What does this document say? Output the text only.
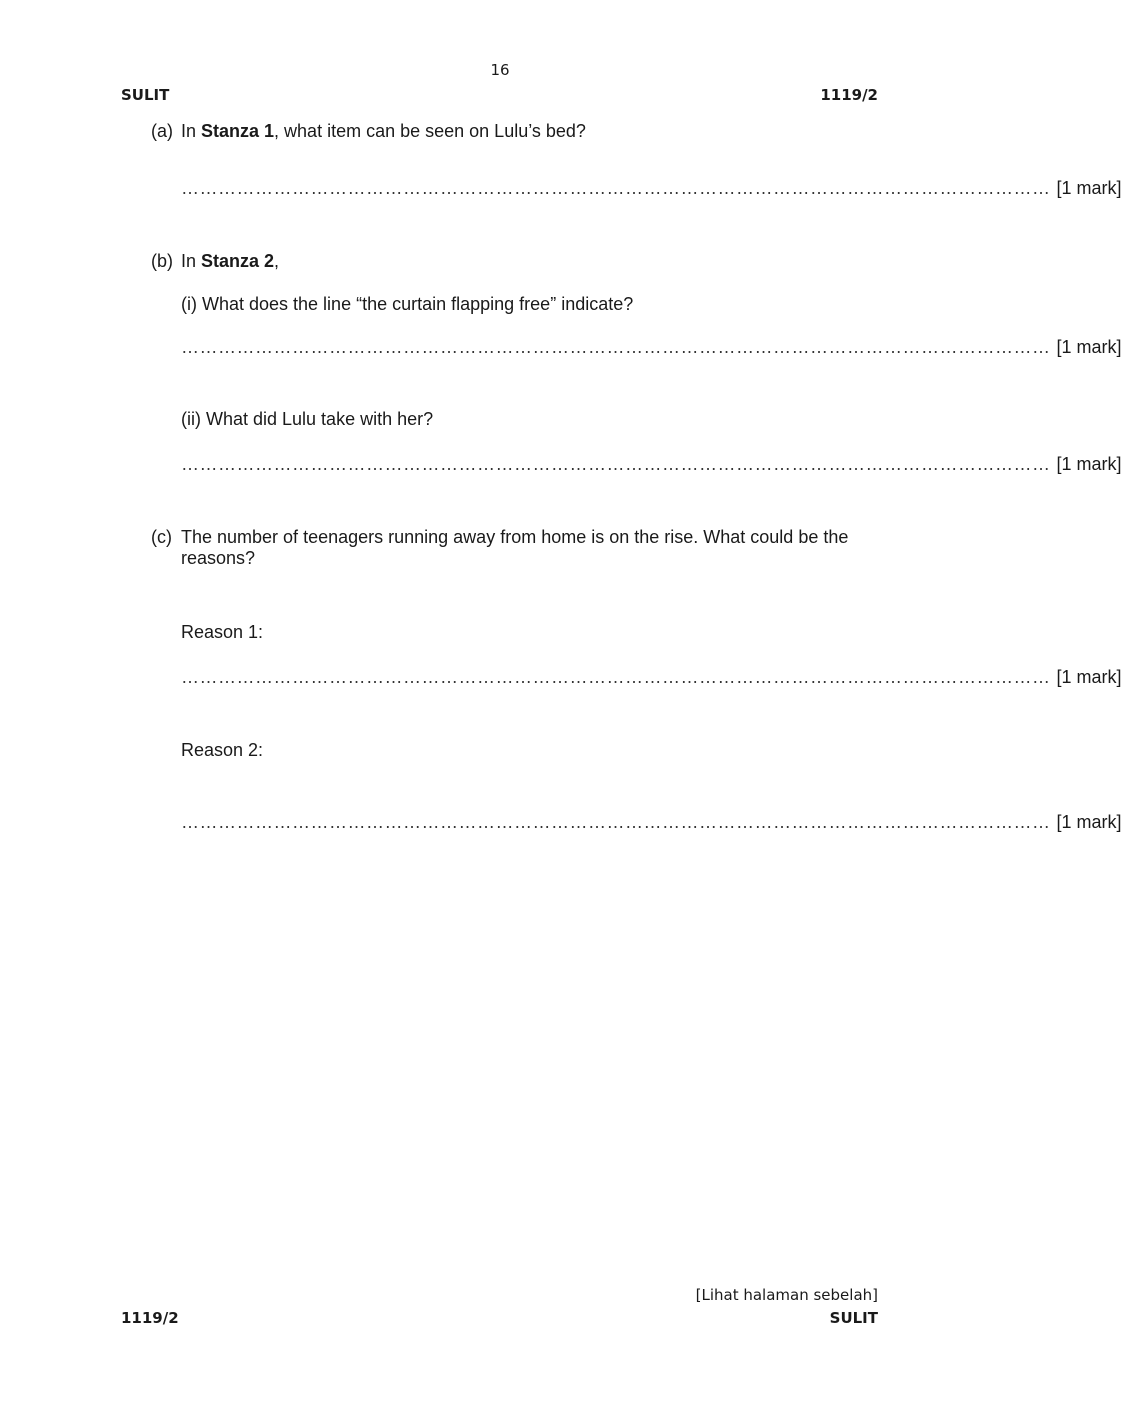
16
SULIT	1119/2
(a) In Stanza 1, what item can be seen on Lulu’s bed?
…………………………………………………………………………………………………………………………… [1 mark]
(b) In Stanza 2,
(i) What does the line “the curtain flapping free” indicate?
…………………………………………………………………………………………………………………………… [1 mark]
(ii) What did Lulu take with her?
…………………………………………………………………………………………………………………………… [1 mark]
(c) The number of teenagers running away from home is on the rise. What could be the reasons?
Reason 1:
…………………………………………………………………………………………………………………………… [1 mark]
Reason 2:
…………………………………………………………………………………………………………………………… [1 mark]
[Lihat halaman sebelah]
1119/2	SULIT
